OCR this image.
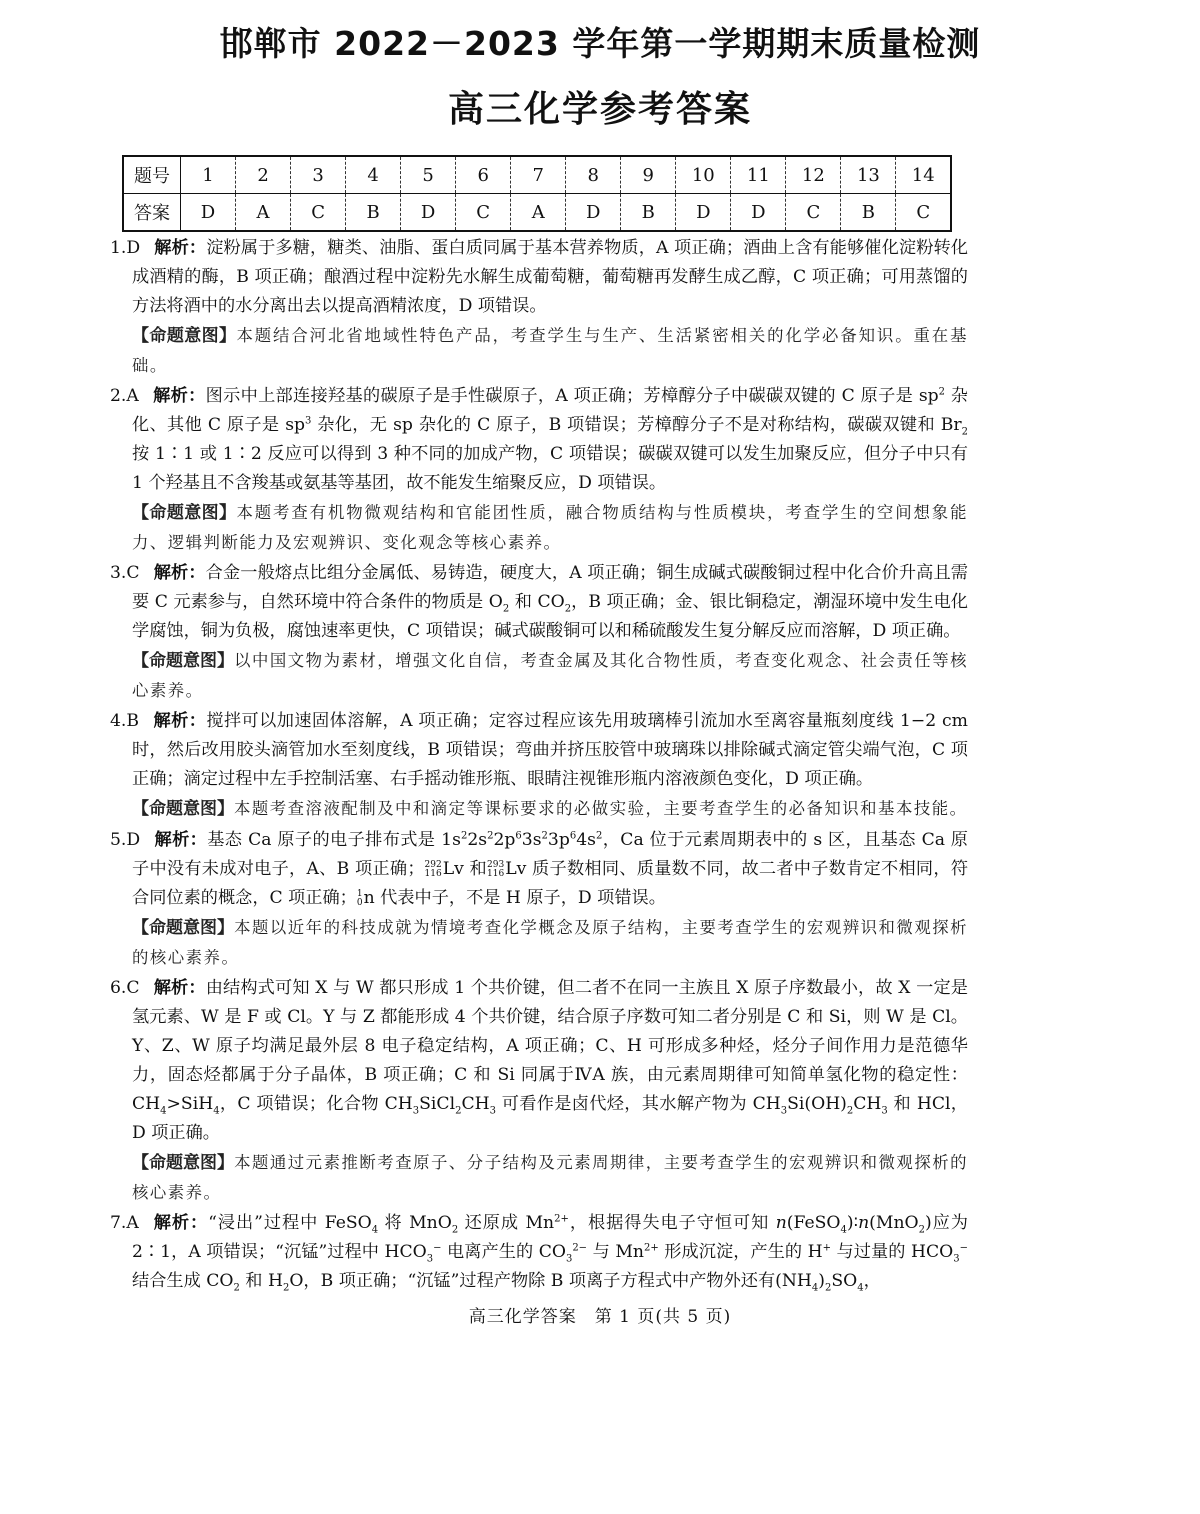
邯郸市 2022－2023 学年第一学期期末质量检测
高三化学参考答案
题号	1	2	3	4	5	6	7	8	9	10	11	12	13	14
答案	D	A	C	B	D	C	A	D	B	D	D	C	B	C

1.D 解析：淀粉属于多糖，糖类、油脂、蛋白质同属于基本营养物质，A 项正确；酒曲上含有能够催化淀粉转化成酒精的酶，B 项正确；酿酒过程中淀粉先水解生成葡萄糖，葡萄糖再发酵生成乙醇，C 项正确；可用蒸馏的方法将酒中的水分离出去以提高酒精浓度，D 项错误。

【命题意图】本题结合河北省地域性特色产品，考查学生与生产、生活紧密相关的化学必备知识。重在基础。

2.A 解析：图示中上部连接羟基的碳原子是手性碳原子，A 项正确；芳樟醇分子中碳碳双键的 C 原子是 $sp^2$ 杂化、其他 C 原子是 $sp^3$ 杂化，无 sp 杂化的 C 原子，B 项错误；芳樟醇分子不是对称结构，碳碳双键和 $Br_2$ 按 1∶1 或 1∶2 反应可以得到 3 种不同的加成产物，C 项错误；碳碳双键可以发生加聚反应，但分子中只有 1 个羟基且不含羧基或氨基等基团，故不能发生缩聚反应，D 项错误。

【命题意图】本题考查有机物微观结构和官能团性质，融合物质结构与性质模块，考查学生的空间想象能力、逻辑判断能力及宏观辨识、变化观念等核心素养。

3.C 解析：合金一般熔点比组分金属低、易铸造，硬度大，A 项正确；铜生成碱式碳酸铜过程中化合价升高且需要 C 元素参与，自然环境中符合条件的物质是 $O_2$ 和 $CO_2$，B 项正确；金、银比铜稳定，潮湿环境中发生电化学腐蚀，铜为负极，腐蚀速率更快，C 项错误；碱式碳酸铜可以和稀硫酸发生复分解反应而溶解，D 项正确。

【命题意图】以中国文物为素材，增强文化自信，考查金属及其化合物性质，考查变化观念、社会责任等核心素养。

4.B 解析：搅拌可以加速固体溶解，A 项正确；定容过程应该先用玻璃棒引流加水至离容量瓶刻度线 1−2 cm 时，然后改用胶头滴管加水至刻度线，B 项错误；弯曲并挤压胶管中玻璃珠以排除碱式滴定管尖端气泡，C 项正确；滴定过程中左手控制活塞、右手摇动锥形瓶、眼睛注视锥形瓶内溶液颜色变化，D 项正确。

【命题意图】本题考查溶液配制及中和滴定等课标要求的必做实验，主要考查学生的必备知识和基本技能。

5.D 解析：基态 Ca 原子的电子排布式是 $1s^22s^22p^63s^23p^64s^2$，Ca 位于元素周期表中的 s 区，且基态 Ca 原子中没有未成对电子，A、B 项正确；292
116Lv 和293
116Lv 质子数相同、质量数不同，故二者中子数肯定不相同，符合同位素的概念，C 项正确；1
0n 代表中子，不是 H 原子，D 项错误。

【命题意图】本题以近年的科技成就为情境考查化学概念及原子结构，主要考查学生的宏观辨识和微观探析的核心素养。

6.C 解析：由结构式可知 X 与 W 都只形成 1 个共价键，但二者不在同一主族且 X 原子序数最小，故 X 一定是氢元素、W 是 F 或 Cl。Y 与 Z 都能形成 4 个共价键，结合原子序数可知二者分别是 C 和 Si，则 W 是 Cl。Y、Z、W 原子均满足最外层 8 电子稳定结构，A 项正确；C、H 可形成多种烃，烃分子间作用力是范德华力，固态烃都属于分子晶体，B 项正确；C 和 Si 同属于ⅣA 族，由元素周期律可知简单氢化物的稳定性：$CH_4>SiH_4$，C 项错误；化合物 $CH_3SiCl_2CH_3$ 可看作是卤代烃，其水解产物为 $CH_3Si(OH)_2CH_3$ 和 HCl，D 项正确。

【命题意图】本题通过元素推断考查原子、分子结构及元素周期律，主要考查学生的宏观辨识和微观探析的核心素养。

7.A 解析：“浸出”过程中 FeSO$_4$ 将 MnO$_2$ 还原成 $Mn^{2+}$，根据得失电子守恒可知 n(FeSO$_4$)∶n(MnO$_2$)应为 2∶1，A 项错误；“沉锰”过程中 $HCO_3^-$ 电离产生的 $CO_3^{2-}$ 与 $Mn^{2+}$ 形成沉淀，产生的 H+ 与过量的 $HCO_3^-$ 结合生成 $CO_2$ 和 $H_2O$，B 项正确；“沉锰”过程产物除 B 项离子方程式中产物外还有$(NH_4)_2SO_4$，

高三化学答案　第 1 页(共 5 页)
